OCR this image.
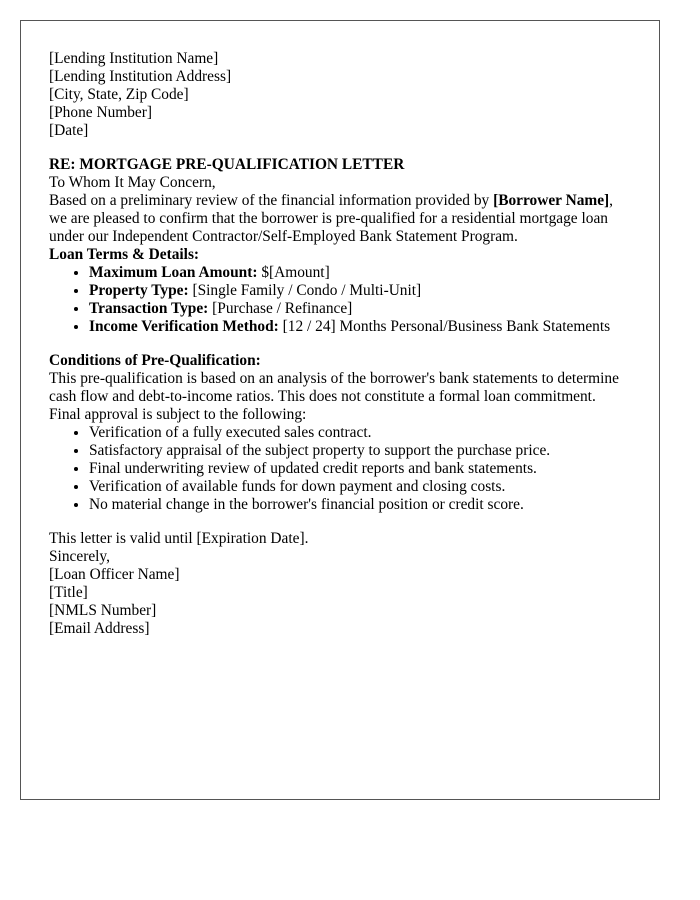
[Lending Institution Name]
[Lending Institution Address]
[City, State, Zip Code]
[Phone Number]
[Date]

RE: MORTGAGE PRE-QUALIFICATION LETTER

To Whom It May Concern,

Based on a preliminary review of the financial information provided by [Borrower Name], we are pleased to confirm that the borrower is pre-qualified for a residential mortgage loan under our Independent Contractor/Self-Employed Bank Statement Program.

Loan Terms & Details:

• Maximum Loan Amount: $[Amount]
• Property Type: [Single Family / Condo / Multi-Unit]
• Transaction Type: [Purchase / Refinance]
• Income Verification Method: [12 / 24] Months Personal/Business Bank Statements

Conditions of Pre-Qualification:

This pre-qualification is based on an analysis of the borrower's bank statements to determine cash flow and debt-to-income ratios. This does not constitute a formal loan commitment. Final approval is subject to the following:

• Verification of a fully executed sales contract.
• Satisfactory appraisal of the subject property to support the purchase price.
• Final underwriting review of updated credit reports and bank statements.
• Verification of available funds for down payment and closing costs.
• No material change in the borrower's financial position or credit score.

This letter is valid until [Expiration Date].

Sincerely,

[Loan Officer Name]
[Title]
[NMLS Number]
[Email Address]
